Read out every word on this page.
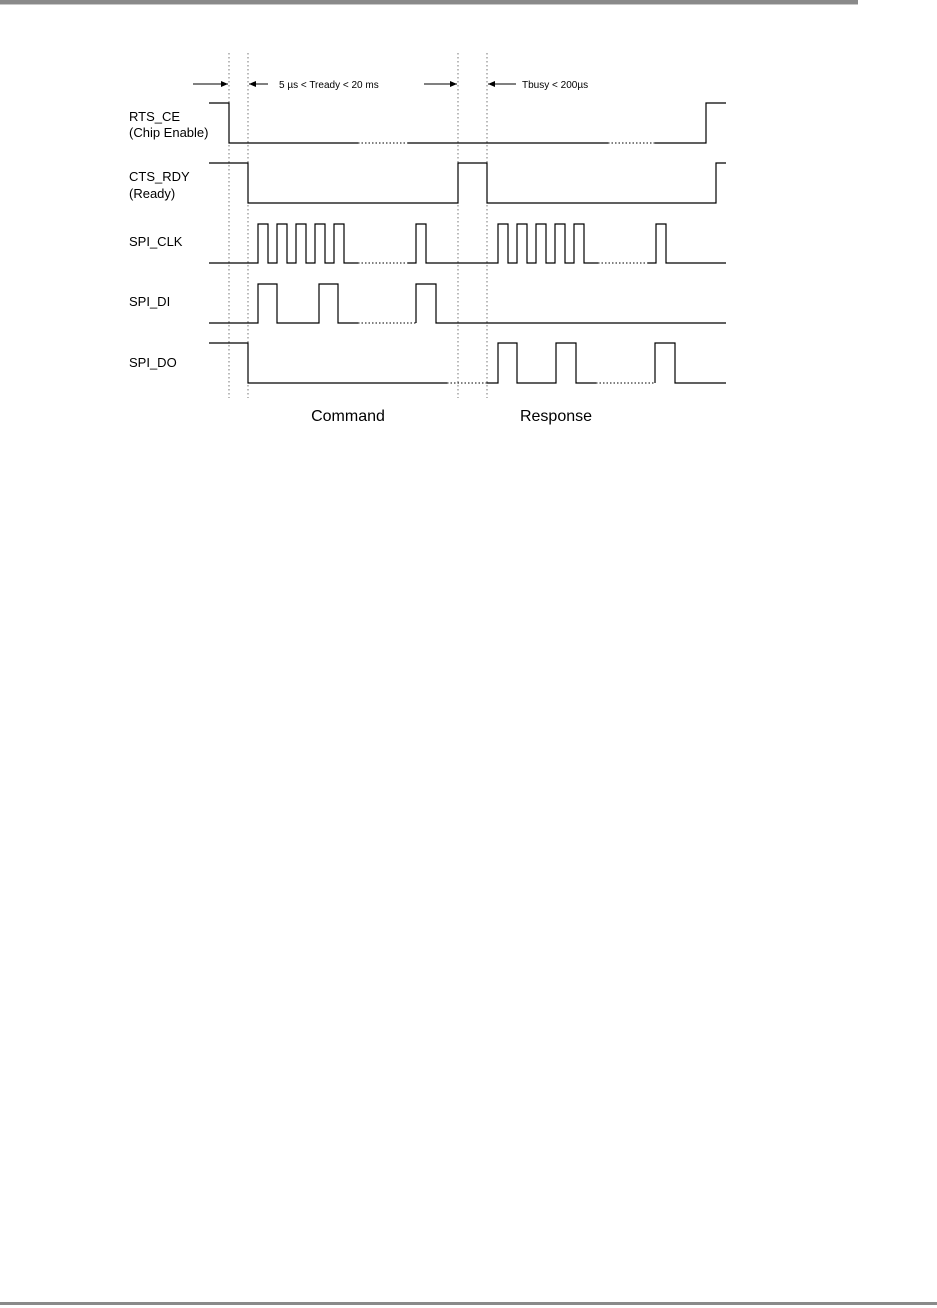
5 µs < Tready < 20 ms	Tbusy < 200µs
RTS_CE
(Chip Enable)
CTS_RDY
(Ready)
SPI_CLK
SPI_DI
SPI_DO
Command	Response
